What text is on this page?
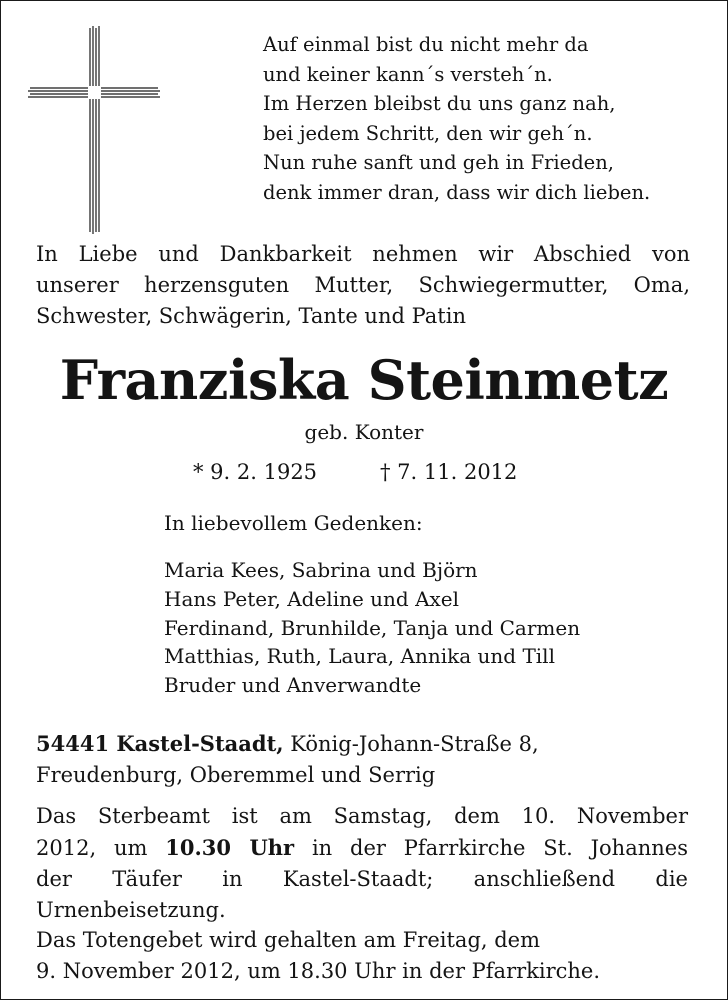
Auf einmal bist du nicht mehr da
und keiner kann´s versteh´n.
Im Herzen bleibst du uns ganz nah,
bei jedem Schritt, den wir geh´n.
Nun ruhe sanft und geh in Frieden,
denk immer dran, dass wir dich lieben.
In Liebe und Dankbarkeit nehmen wir Abschied von
unserer herzensguten Mutter, Schwiegermutter, Oma,
Schwester, Schwägerin, Tante und Patin
Franziska Steinmetz
geb. Konter
* 9. 2. 1925	† 7. 11. 2012
In liebevollem Gedenken:
Maria Kees, Sabrina und Björn
Hans Peter, Adeline und Axel
Ferdinand, Brunhilde, Tanja und Carmen
Matthias, Ruth, Laura, Annika und Till
Bruder und Anverwandte
54441 Kastel-Staadt, König-Johann-Straße 8,
Freudenburg, Oberemmel und Serrig
Das Sterbeamt ist am Samstag, dem 10. November
2012, um 10.30 Uhr in der Pfarrkirche St. Johannes
der Täufer in Kastel-Staadt; anschließend die
Urnenbeisetzung.
Das Totengebet wird gehalten am Freitag, dem
9. November 2012, um 18.30 Uhr in der Pfarrkirche.
